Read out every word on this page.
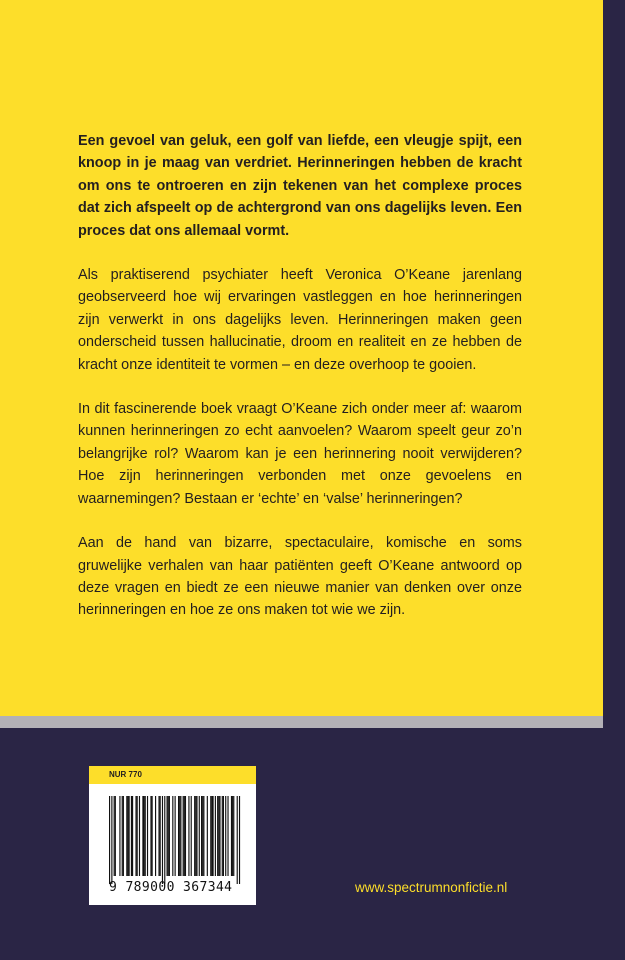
Een gevoel van geluk, een golf van liefde, een vleugje spijt, een knoop in je maag van verdriet. Herinneringen hebben de kracht om ons te ontroeren en zijn tekenen van het complexe proces dat zich afspeelt op de achtergrond van ons dagelijks leven. Een proces dat ons allemaal vormt.

Als praktiserend psychiater heeft Veronica O’Keane jarenlang geobserveerd hoe wij ervaringen vastleggen en hoe herinneringen zijn verwerkt in ons dagelijks leven. Herinneringen maken geen onderscheid tussen hallucinatie, droom en realiteit en ze hebben de kracht onze identiteit te vormen – en deze overhoop te gooien.

In dit fascinerende boek vraagt O’Keane zich onder meer af: waarom kunnen herinneringen zo echt aanvoelen? Waarom speelt geur zo’n belangrijke rol? Waarom kan je een herinnering nooit verwijderen? Hoe zijn herinneringen verbonden met onze gevoelens en waarnemingen? Bestaan er ‘echte’ en ‘valse’ herinneringen?

Aan de hand van bizarre, spectaculaire, komische en soms gruwelijke verhalen van haar patiënten geeft O’Keane antwoord op deze vragen en biedt ze een nieuwe manier van denken over onze herinneringen en hoe ze ons maken tot wie we zijn.

NUR 770
9 789000 367344	www.spectrumnonfictie.nl
